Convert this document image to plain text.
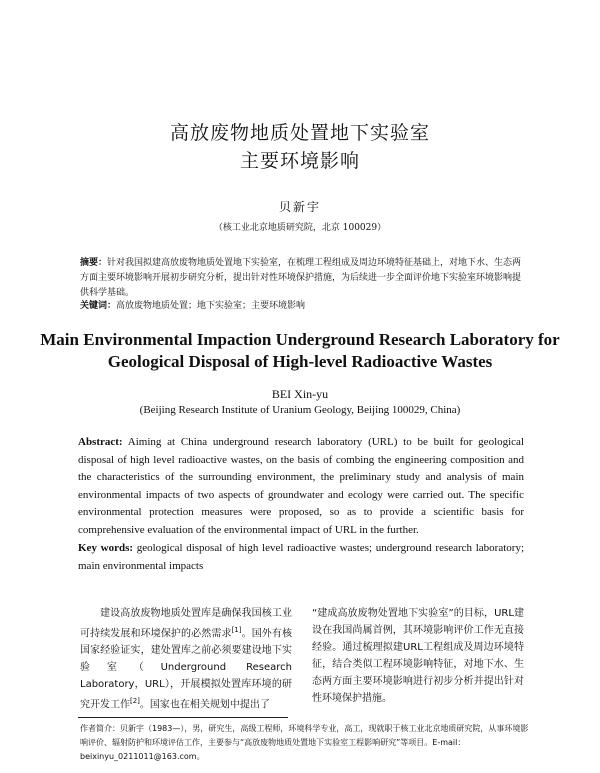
高放废物地质处置地下实验室
主要环境影响
贝新宇
（核工业北京地质研究院，北京 100029）
摘要：针对我国拟建高放废物地质处置地下实验室，在梳理工程组成及周边环境特征基础上，对地下水、生态两方面主要环境影响开展初步研究分析，提出针对性环境保护措施，为后续进一步全面评价地下实验室环境影响提供科学基础。
关键词：高放废物地质处置；地下实验室；主要环境影响
Main Environmental Impaction Underground Research Laboratory for
Geological Disposal of High-level Radioactive Wastes
BEI Xin-yu
(Beijing Research Institute of Uranium Geology, Beijing 100029, China)
Abstract: Aiming at China underground research laboratory (URL) to be built for geological disposal of high level radioactive wastes, on the basis of combing the engineering composition and the characteristics of the surrounding environment, the preliminary study and analysis of main environmental impacts of two aspects of groundwater and ecology were carried out. The specific environmental protection measures were proposed, so as to provide a scientific basis for comprehensive evaluation of the environmental impact of URL in the further.
Key words: geological disposal of high level radioactive wastes; underground research laboratory; main environmental impacts
建设高放废物地质处置库是确保我国核工业可持续发展和环境保护的必然需求[1]。国外有核国家经验证实，建处置库之前必须要建设地下实验室（Underground Research Laboratory，URL），开展模拟处置库环境的研究开发工作[2]。国家也在相关规划中提出了
“建成高放废物处置地下实验室”的目标，URL建设在我国尚属首例，其环境影响评价工作无直接经验。通过梳理拟建URL工程组成及周边环境特征，结合类似工程环境影响特征，对地下水、生态两方面主要环境影响进行初步分析并提出针对性环境保护措施。
作者简介：贝新宇（1983—），男，研究生，高级工程师，环境科学专业，高工，现就职于核工业北京地质研究院，从事环境影响评价、辐射防护和环境评估工作，主要参与“高放废物地质处置地下实验室工程影响研究”等项目。E-mail：beixinyu_0211011@163.com。
